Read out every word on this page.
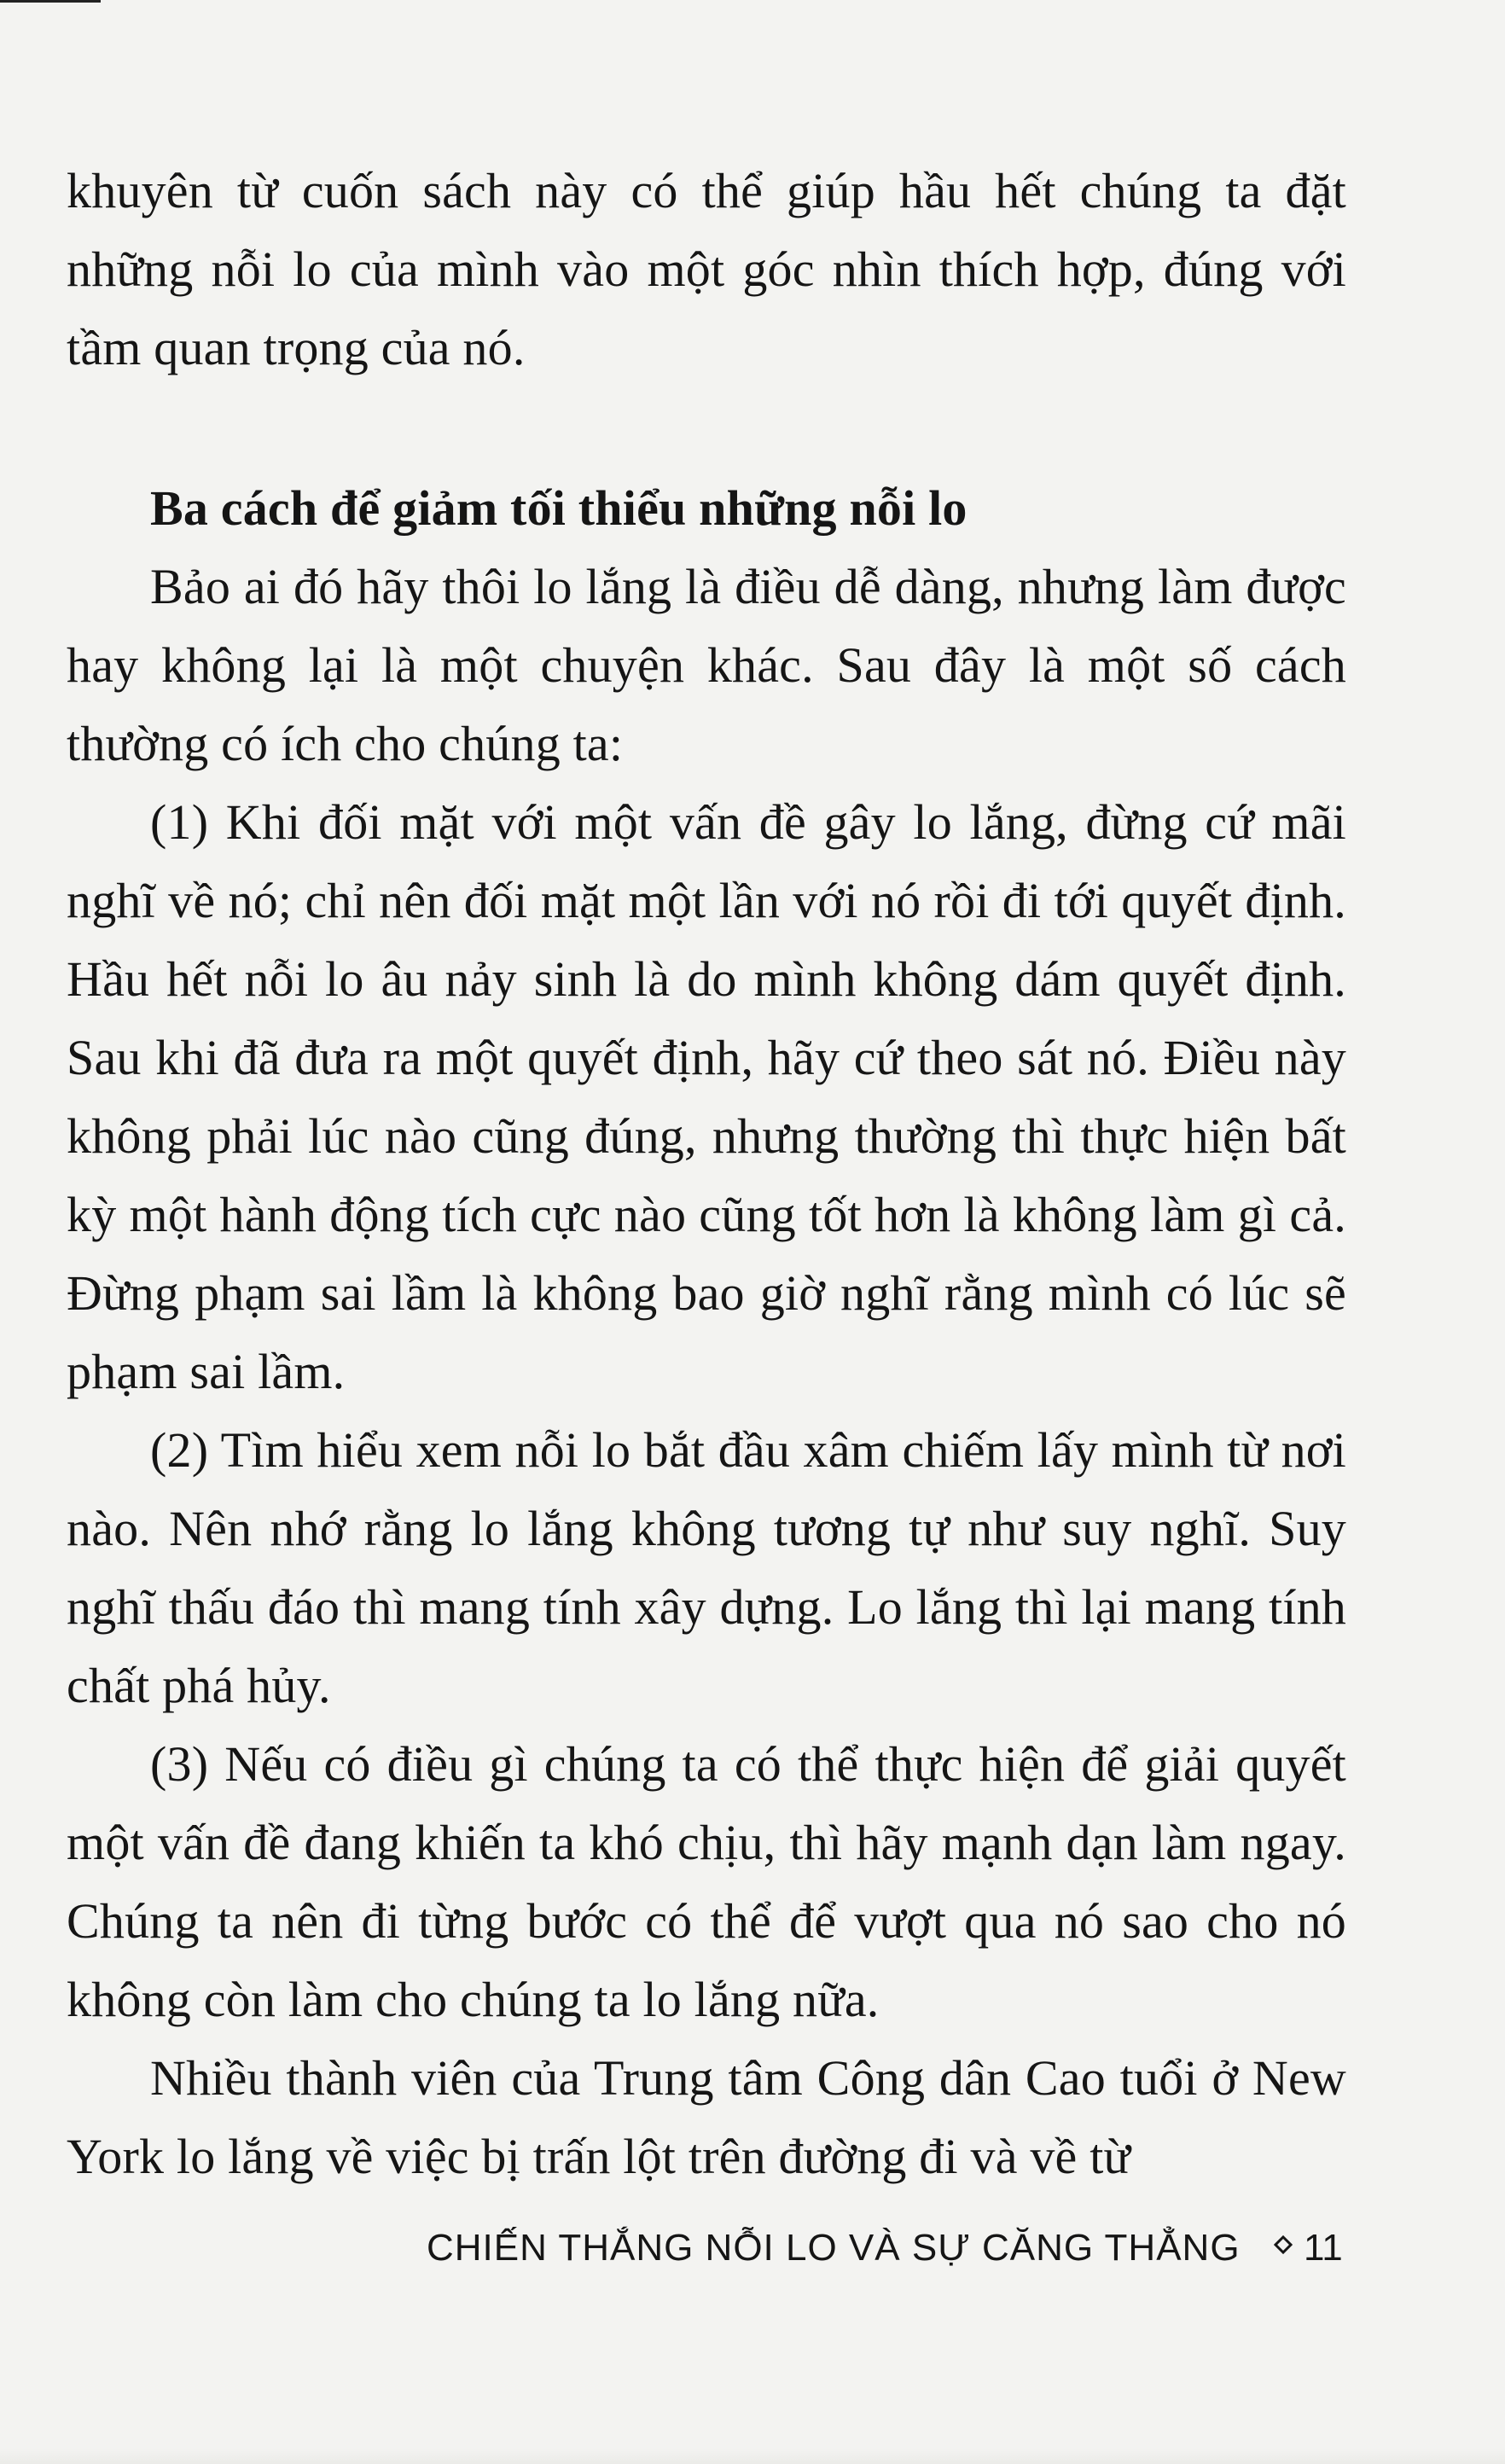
khuyên từ cuốn sách này có thể giúp hầu hết chúng ta đặt những nỗi lo của mình vào một góc nhìn thích hợp, đúng với tầm quan trọng của nó.

Ba cách để giảm tối thiểu những nỗi lo

Bảo ai đó hãy thôi lo lắng là điều dễ dàng, nhưng làm được hay không lại là một chuyện khác. Sau đây là một số cách thường có ích cho chúng ta:

(1) Khi đối mặt với một vấn đề gây lo lắng, đừng cứ mãi nghĩ về nó; chỉ nên đối mặt một lần với nó rồi đi tới quyết định. Hầu hết nỗi lo âu nảy sinh là do mình không dám quyết định. Sau khi đã đưa ra một quyết định, hãy cứ theo sát nó. Điều này không phải lúc nào cũng đúng, nhưng thường thì thực hiện bất kỳ một hành động tích cực nào cũng tốt hơn là không làm gì cả. Đừng phạm sai lầm là không bao giờ nghĩ rằng mình có lúc sẽ phạm sai lầm.

(2) Tìm hiểu xem nỗi lo bắt đầu xâm chiếm lấy mình từ nơi nào. Nên nhớ rằng lo lắng không tương tự như suy nghĩ. Suy nghĩ thấu đáo thì mang tính xây dựng. Lo lắng thì lại mang tính chất phá hủy.

(3) Nếu có điều gì chúng ta có thể thực hiện để giải quyết một vấn đề đang khiến ta khó chịu, thì hãy mạnh dạn làm ngay. Chúng ta nên đi từng bước có thể để vượt qua nó sao cho nó không còn làm cho chúng ta lo lắng nữa.

Nhiều thành viên của Trung tâm Công dân Cao tuổi ở New York lo lắng về việc bị trấn lột trên đường đi và về từ

CHIẾN THẮNG NỖI LO VÀ SỰ CĂNG THẲNG	11
